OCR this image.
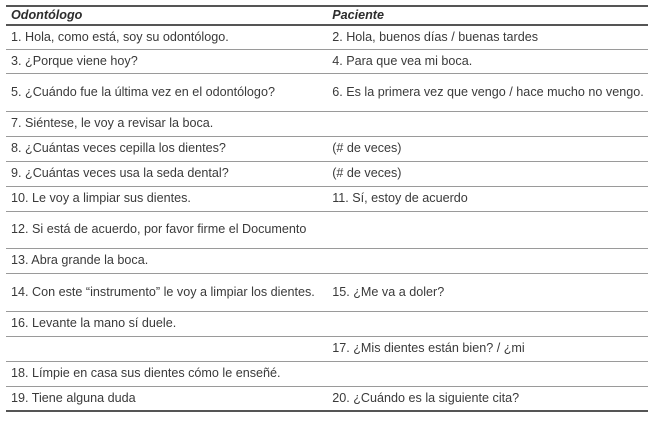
Odontólogo	Paciente
1. Hola, como está, soy su odontólogo.	2. Hola, buenos días / buenas tardes
3. ¿Porque viene hoy?	4. Para que vea mi boca.
5. ¿Cuándo fue la última vez en el odontólogo?	6. Es la primera vez que vengo / hace mucho no vengo.
7. Siéntese, le voy a revisar la boca.	
8. ¿Cuántas veces cepilla los dientes?	(# de veces)
9. ¿Cuántas veces usa la seda dental?	(# de veces)
10. Le voy a limpiar sus dientes.	11. Sí, estoy de acuerdo
12. Si está de acuerdo, por favor firme el Documento	
13. Abra grande la boca.	
14. Con este “instrumento” le voy a limpiar los dientes.	15. ¿Me va a doler?
16. Levante la mano sí duele.	
	17. ¿Mis dientes están bien? / ¿mi
18. Límpie en casa sus dientes cómo le enseñé.	
19. Tiene alguna duda	20. ¿Cuándo es la siguiente cita?
